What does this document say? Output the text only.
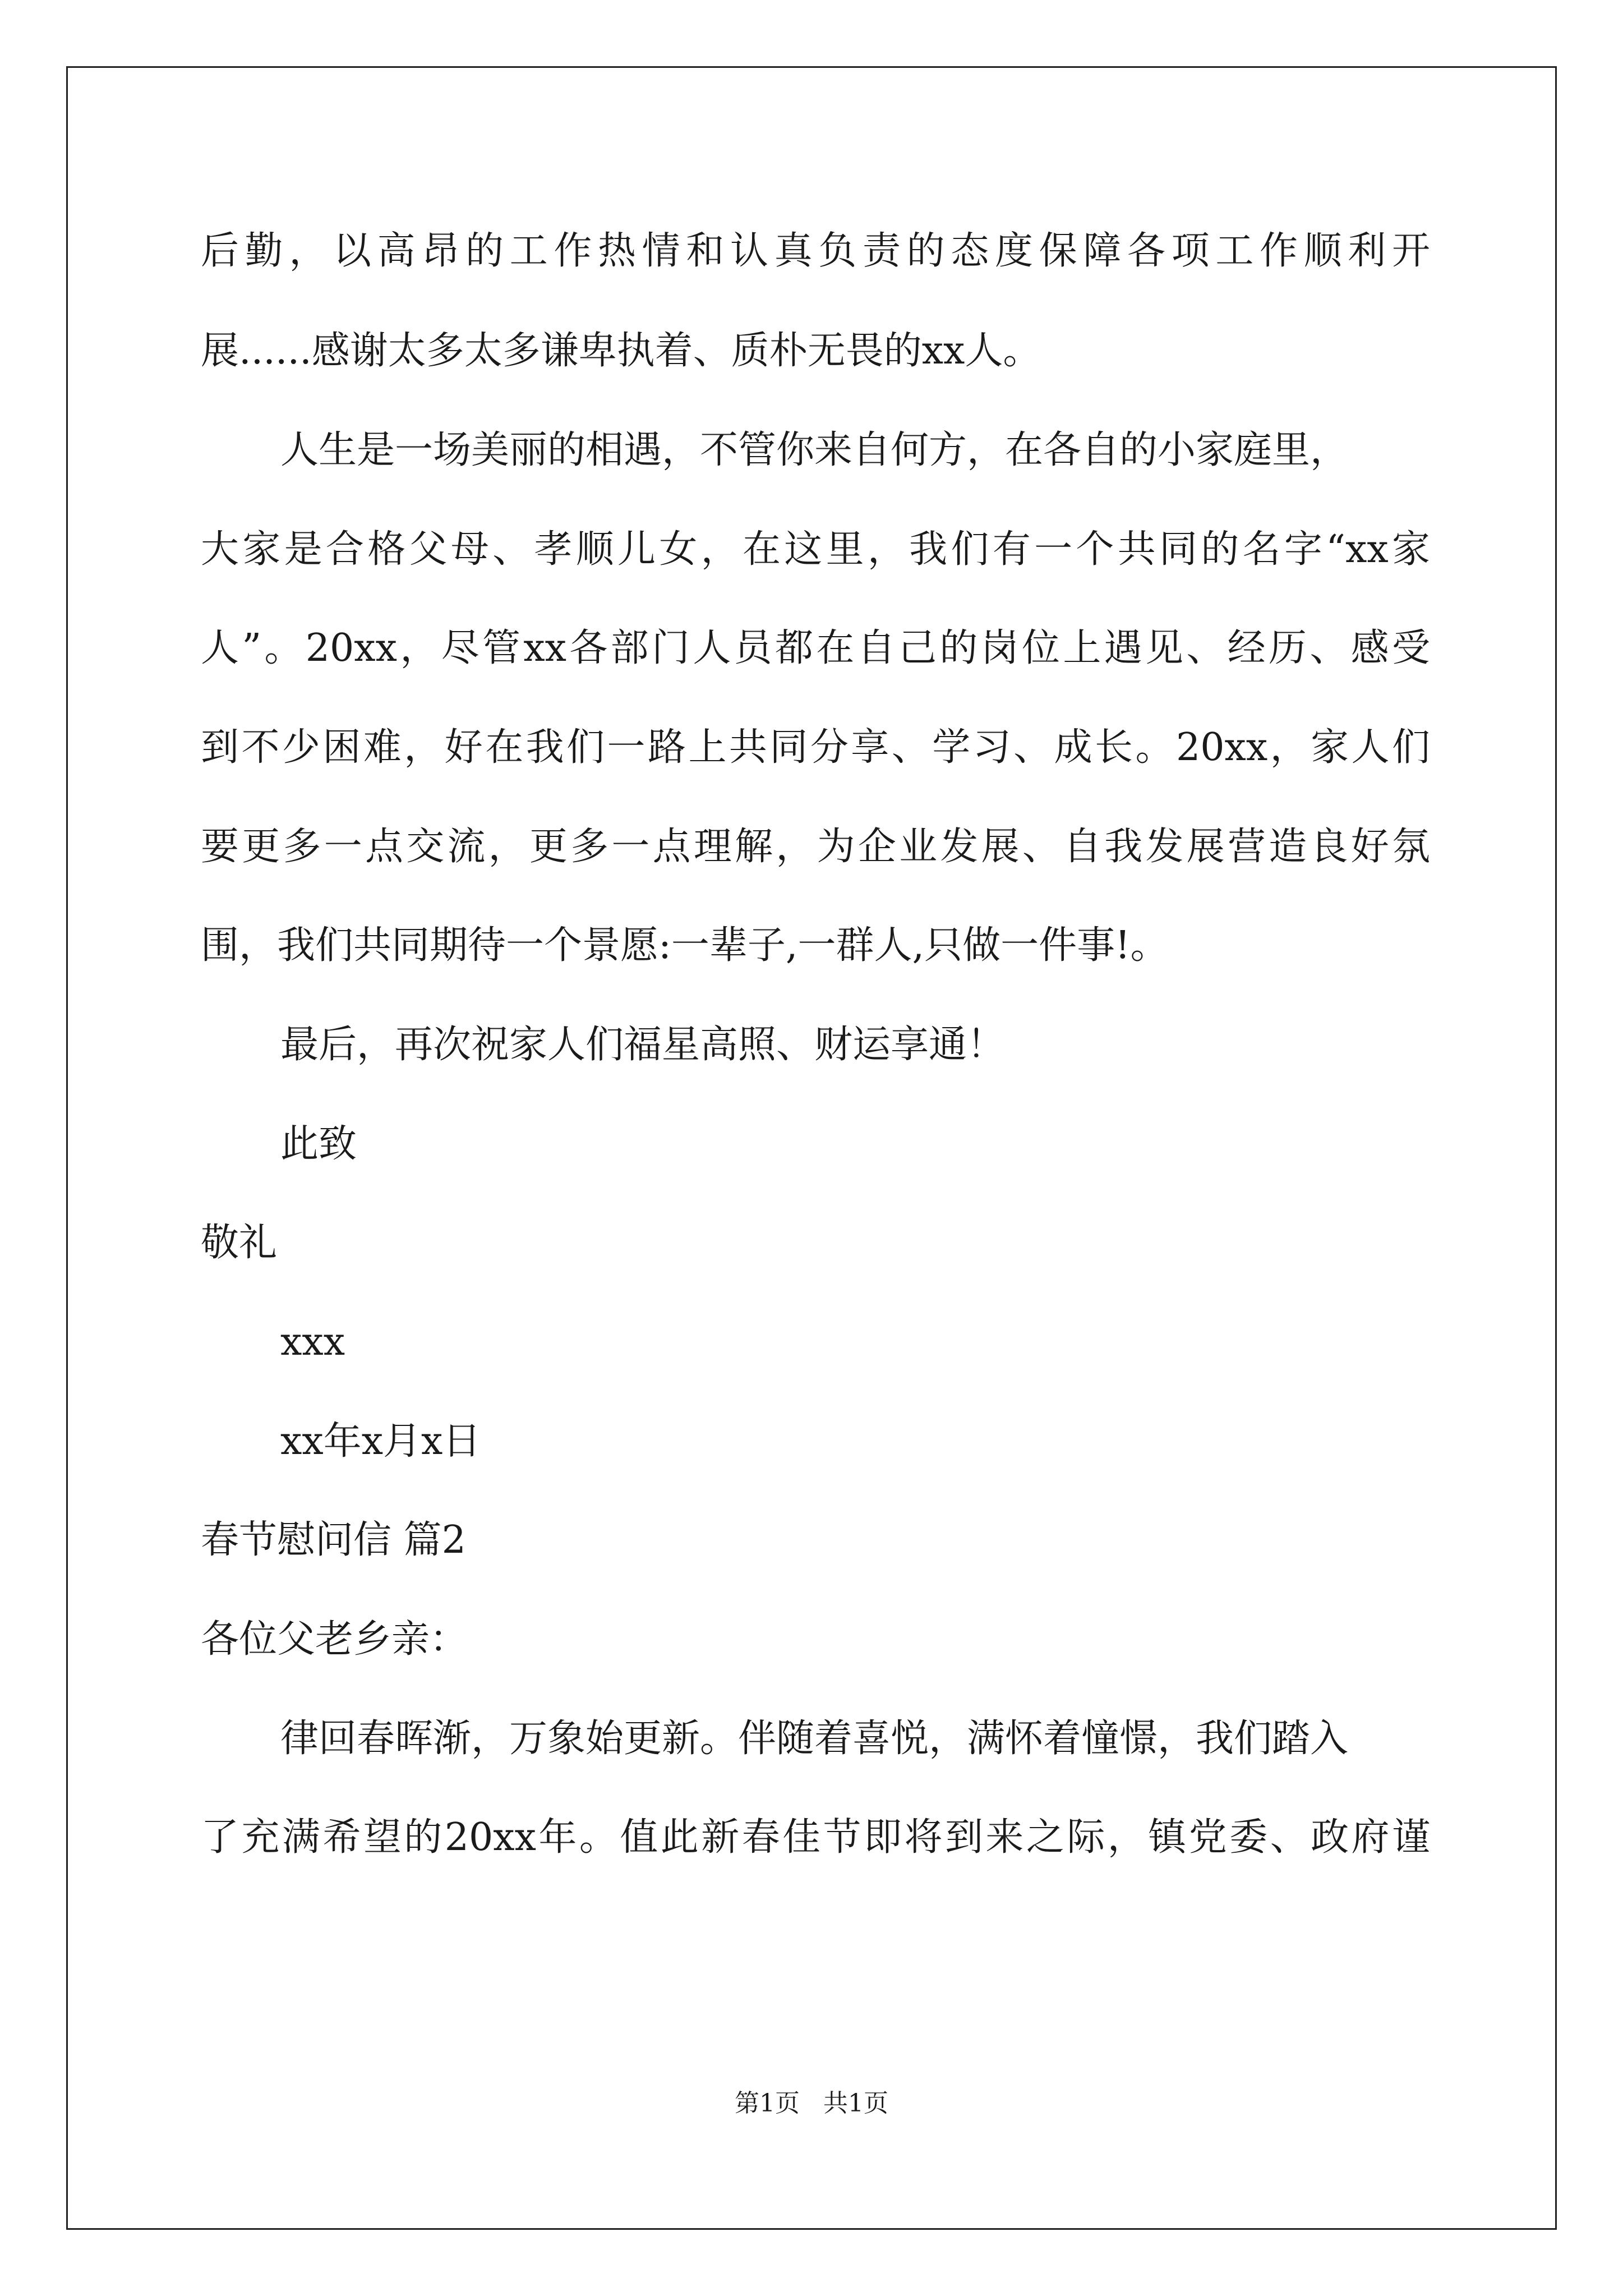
后勤，以高昂的工作热情和认真负责的态度保障各项工作顺利开
展......感谢太多太多谦卑执着、质朴无畏的xx人。
人生是一场美丽的相遇，不管你来自何方，在各自的小家庭里，
大家是合格父母、孝顺儿女，在这里，我们有一个共同的名字“xx家
人”。20xx，尽管xx各部门人员都在自己的岗位上遇见、经历、感受
到不少困难，好在我们一路上共同分享、学习、成长。20xx，家人们
要更多一点交流，更多一点理解，为企业发展、自我发展营造良好氛
围，我们共同期待一个景愿:一辈子,一群人,只做一件事!。
最后，再次祝家人们福星高照、财运享通！
此致
敬礼
xxx
xx年x月x日
春节慰问信 篇2
各位父老乡亲：
律回春晖渐，万象始更新。伴随着喜悦，满怀着憧憬，我们踏入
了充满希望的20xx年。值此新春佳节即将到来之际，镇党委、政府谨
第1页   共1页
